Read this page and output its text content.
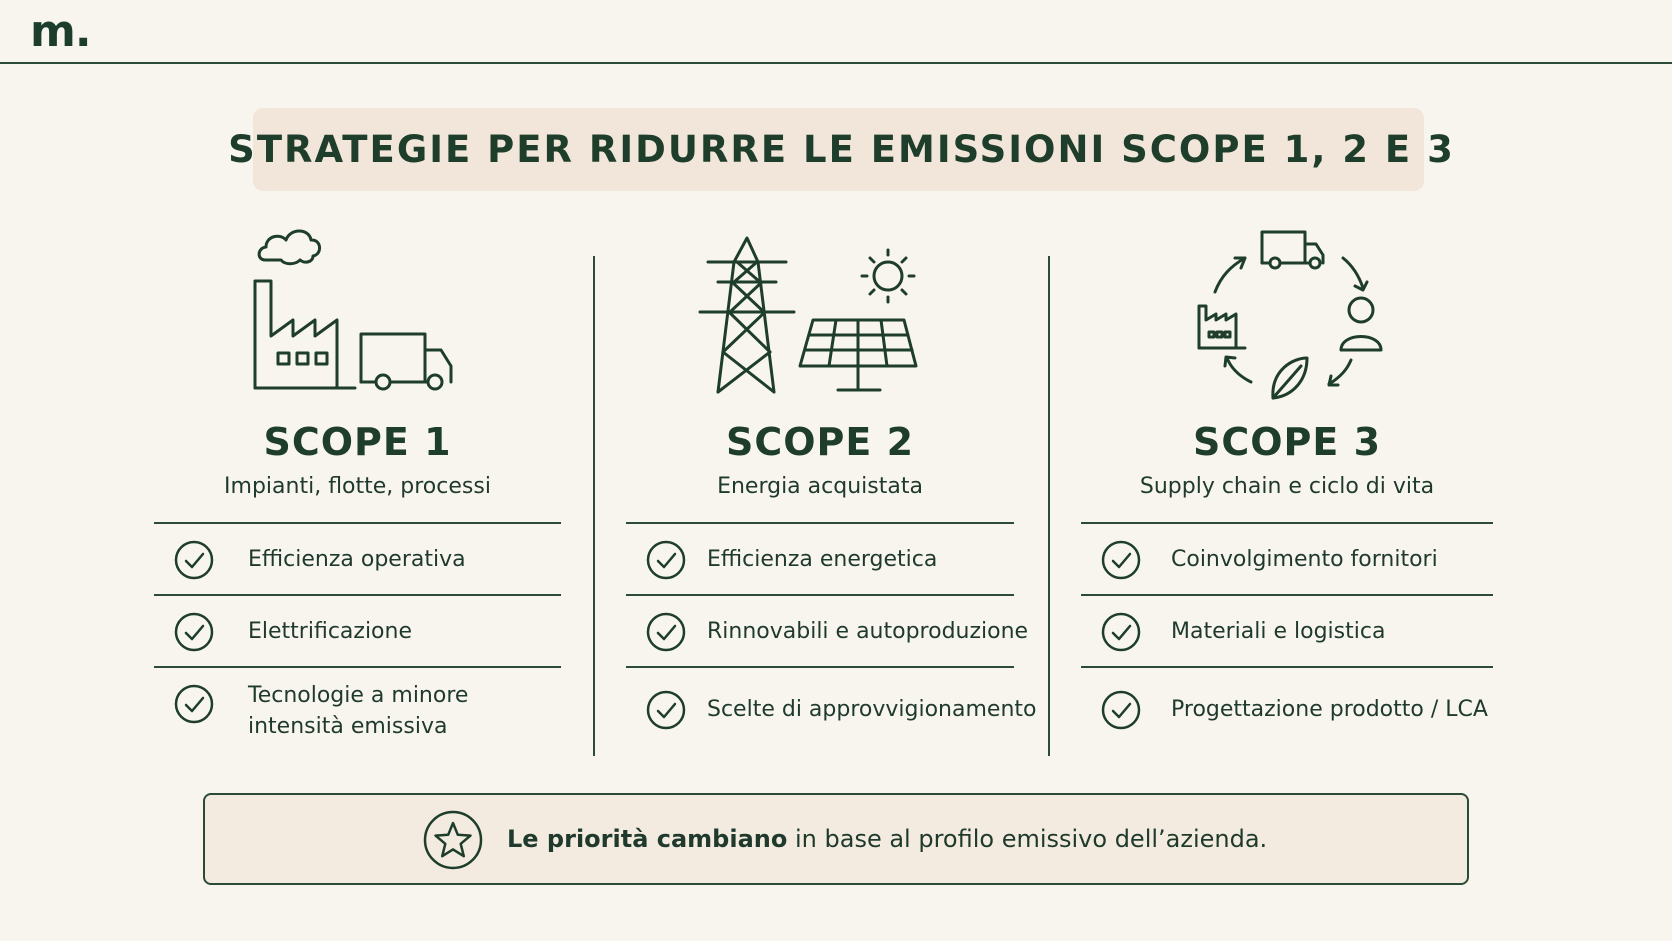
m.
STRATEGIE PER RIDURRE LE EMISSIONI SCOPE 1, 2 E 3
SCOPE 1
Impianti, flotte, processi
Efficienza operativa
Elettrificazione
Tecnologie a minore
intensità emissiva
SCOPE 2
Energia acquistata
Efficienza energetica
Rinnovabili e autoproduzione
Scelte di approvvigionamento
SCOPE 3
Supply chain e ciclo di vita
Coinvolgimento fornitori
Materiali e logistica
Progettazione prodotto / LCA
Le priorità cambiano in base al profilo emissivo dell’azienda.
